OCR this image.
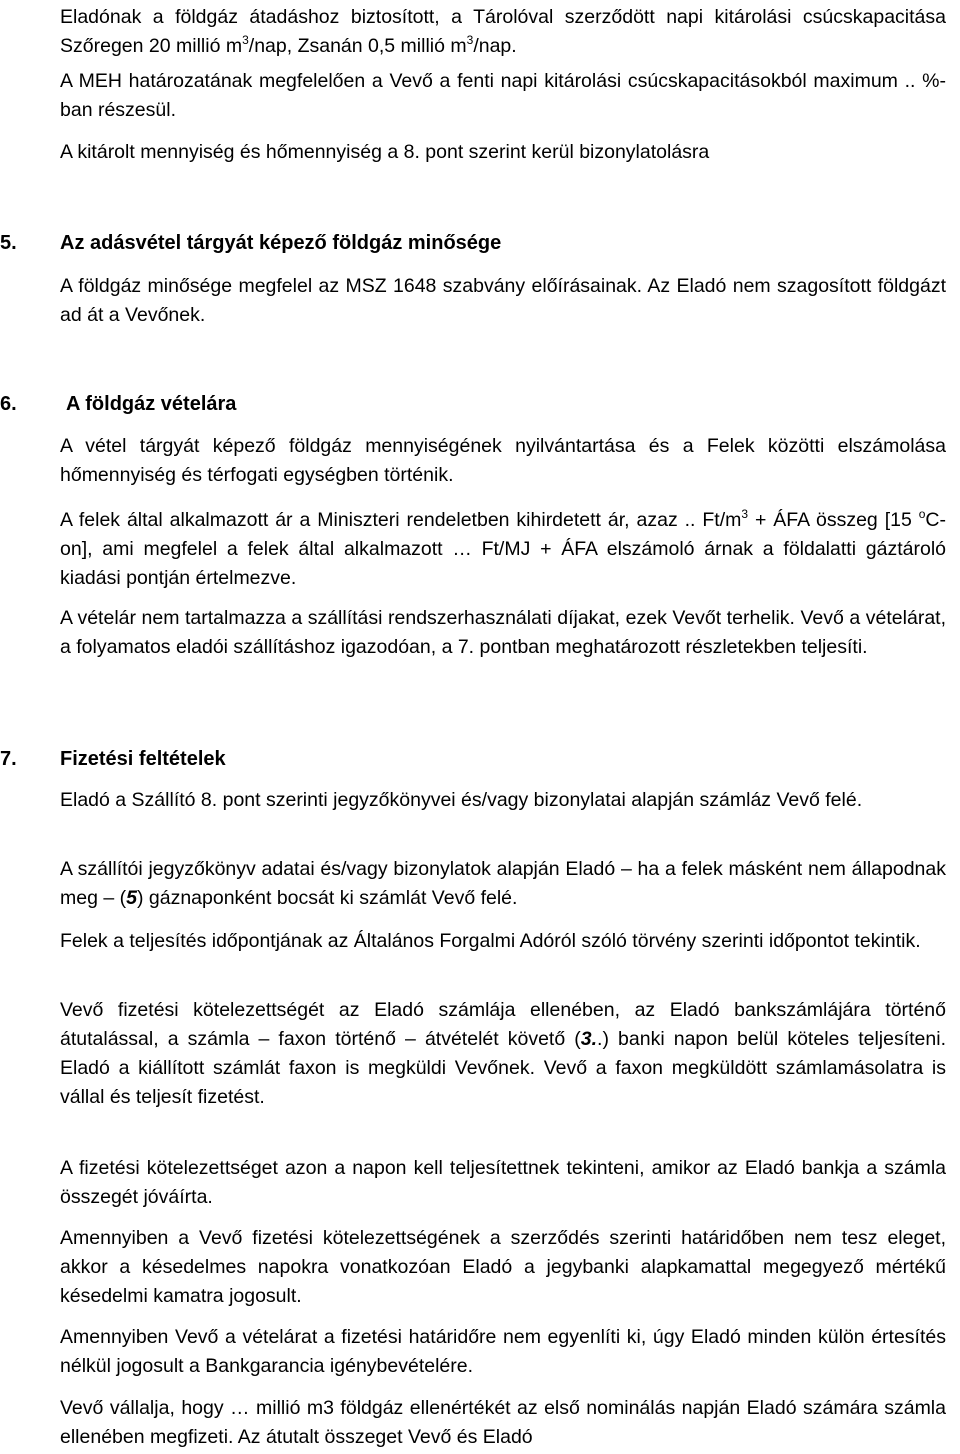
Eladónak a földgáz átadáshoz biztosított, a Tárolóval szerződött napi kitárolási csúcskapacitása Szőregen 20 millió $m^3$/nap, Zsanán 0,5 millió $m^3$/nap.

A MEH határozatának megfelelően a Vevő a fenti napi kitárolási csúcskapacitásokból maximum .. %-ban részesül.

A kitárolt mennyiség és hőmennyiség a 8. pont szerint kerül bizonylatolásra

5.	Az adásvétel tárgyát képező földgáz minősége

A földgáz minősége megfelel az MSZ 1648 szabvány előírásainak. Az Eladó nem szagosított földgázt ad át a Vevőnek.

6.	A földgáz vételára

A vétel tárgyát képező földgáz mennyiségének nyilvántartása és a Felek közötti elszámolása hőmennyiség és térfogati egységben történik.

A felek által alkalmazott ár a Miniszteri rendeletben kihirdetett ár, azaz .. $Ft/m^3$ + ÁFA összeg [15 $^o$C-on], ami megfelel a felek által alkalmazott … Ft/MJ + ÁFA elszámoló árnak a földalatti gáztároló kiadási pontján értelmezve.

A vételár nem tartalmazza a szállítási rendszerhasználati díjakat, ezek Vevőt terhelik. Vevő a vételárat, a folyamatos eladói szállításhoz igazodóan, a 7. pontban meghatározott részletekben teljesíti.

7.	Fizetési feltételek

Eladó a Szállító 8. pont szerinti jegyzőkönyvei és/vagy bizonylatai alapján számláz Vevő felé.

A szállítói jegyzőkönyv adatai és/vagy bizonylatok alapján Eladó – ha a felek másként nem állapodnak meg – (5) gáznaponként bocsát ki számlát Vevő felé.

Felek a teljesítés időpontjának az Általános Forgalmi Adóról szóló törvény szerinti időpontot tekintik.

Vevő fizetési kötelezettségét az Eladó számlája ellenében, az Eladó bankszámlájára történő átutalással, a számla – faxon történő – átvételét követő (3..) banki napon belül köteles teljesíteni. Eladó a kiállított számlát faxon is megküldi Vevőnek. Vevő a faxon megküldött számlamásolatra is vállal és teljesít fizetést.

A fizetési kötelezettséget azon a napon kell teljesítettnek tekinteni, amikor az Eladó bankja a számla összegét jóváírta.

Amennyiben a Vevő fizetési kötelezettségének a szerződés szerinti határidőben nem tesz eleget, akkor a késedelmes napokra vonatkozóan Eladó a jegybanki alapkamattal megegyező mértékű késedelmi kamatra jogosult.

Amennyiben Vevő a vételárat a fizetési határidőre nem egyenlíti ki, úgy Eladó minden külön értesítés nélkül jogosult a Bankgarancia igénybevételére.

Vevő vállalja, hogy … millió m3 földgáz ellenértékét az első nominálás napján Eladó számára számla ellenében megfizeti. Az átutalt összeget Vevő és Eladó
